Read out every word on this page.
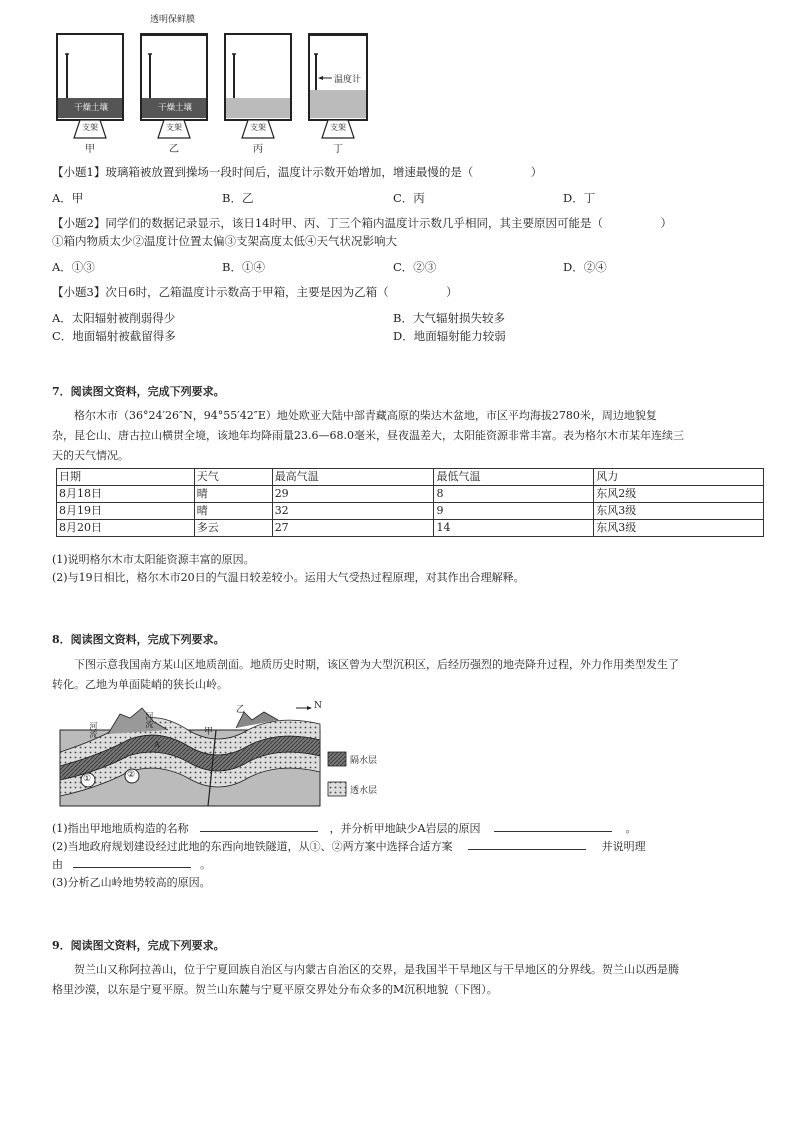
透明保鲜膜
温度计
干燥土壤	干燥土壤
支架	支架	支架	支架
甲	乙	丙	丁
【小题1】玻璃箱被放置到操场一段时间后，温度计示数开始增加，增速最慢的是（　　　　　）
A．甲	B．乙	C．丙	D．丁
【小题2】同学们的数据记录显示，该日14时甲、丙、丁三个箱内温度计示数几乎相同，其主要原因可能是（　　　　　）
①箱内物质太少②温度计位置太偏③支架高度太低④天气状况影响大
A．①③	B．①④	C．②③	D．②④
【小题3】次日6时，乙箱温度计示数高于甲箱，主要是因为乙箱（　　　　　）
A．太阳辐射被削弱得少	B．大气辐射损失较多
C．地面辐射被截留得多	D．地面辐射能力较弱
7．阅读图文资料，完成下列要求。
格尔木市（36°24′26″N，94°55′42″E）地处欧亚大陆中部青藏高原的柴达木盆地，市区平均海拔2780米，周边地貌复
杂，昆仑山、唐古拉山横贯全境，该地年均降雨量23.6—68.0毫米，昼夜温差大，太阳能资源非常丰富。表为格尔木市某年连续三
天的天气情况。
日期	天气	最高气温	最低气温	风力
8月18日	晴	29	8	东风2级
8月19日	晴	32	9	东风3级
8月20日	多云	27	14	东风3级
(1)说明格尔木市太阳能资源丰富的原因。
(2)与19日相比，格尔木市20日的气温日较差较小。运用大气受热过程原理，对其作出合理解释。
8．阅读图文资料，完成下列要求。
下图示意我国南方某山区地质剖面。地质历史时期，该区曾为大型沉积区，后经历强烈的地壳降升过程，外力作用类型发生了
转化。乙地为单面陡峭的狭长山岭。
N
河流
河流
甲
乙
A
①	②
隔水层
透水层
(1)指出甲地地质构造的名称	，并分析甲地缺少A岩层的原因	。
(2)当地政府规划建设经过此地的东西向地铁隧道，从①、②两方案中选择合适方案	并说明理
由	。
(3)分析乙山岭地势较高的原因。
9．阅读图文资料，完成下列要求。
贺兰山又称阿拉善山，位于宁夏回族自治区与内蒙古自治区的交界，是我国半干旱地区与干旱地区的分界线。贺兰山以西是腾
格里沙漠，以东是宁夏平原。贺兰山东麓与宁夏平原交界处分布众多的M沉积地貌（下图）。
